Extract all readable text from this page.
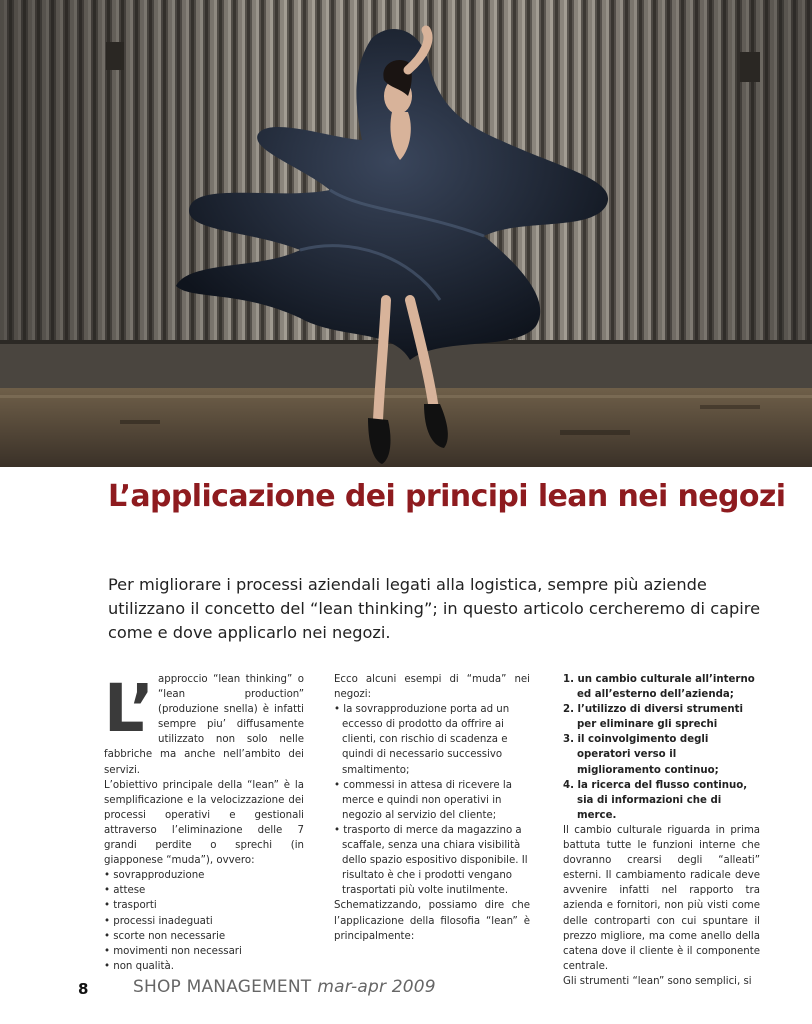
L’applicazione dei principi lean nei negozi

Per migliorare i processi aziendali legati alla logistica, sempre più aziende utilizzano il concetto del “lean thinking”; in questo articolo cercheremo di capire come e dove applicarlo nei negozi.

L’ approccio “lean thinking” o “lean production” (produzione snella) è infatti sempre piu’ diffusamente utilizzato non solo nelle fabbriche ma anche nell’ambito dei servizi.

L’obiettivo principale della “lean” è la semplificazione e la velocizzazione dei processi operativi e gestionali attraverso l’eliminazione delle 7 grandi perdite o sprechi (in giapponese “muda”), ovvero:

• sovrapproduzione
• attese
• trasporti
• processi inadeguati
• scorte non necessarie
• movimenti non necessari
• non qualità.

Ecco alcuni esempi di “muda” nei negozi:

• la sovrapproduzione porta ad un eccesso di prodotto da offrire ai clienti, con rischio di scadenza e quindi di necessario successivo smaltimento;
• commessi in attesa di ricevere la merce e quindi non operativi in negozio al servizio del cliente;
• trasporto di merce da magazzino a scaffale, senza una chiara visibilità dello spazio espositivo disponibile. Il risultato è che i prodotti vengano trasportati più volte inutilmente.

Schematizzando, possiamo dire che l’applicazione della filosofia “lean” è principalmente:

1. un cambio culturale all’interno ed all’esterno dell’azienda;
2. l’utilizzo di diversi strumenti per eliminare gli sprechi
3. il coinvolgimento degli operatori verso il miglioramento continuo;
4. la ricerca del flusso continuo, sia di informazioni che di merce.

Il cambio culturale riguarda in prima battuta tutte le funzioni interne che dovranno crearsi degli “alleati” esterni. Il cambiamento radicale deve avvenire infatti nel rapporto tra azienda e fornitori, non più visti come delle controparti con cui spuntare il prezzo migliore, ma come anello della catena dove il cliente è il componente centrale.

Gli strumenti “lean” sono semplici, si

8	SHOP MANAGEMENT mar-apr 2009
